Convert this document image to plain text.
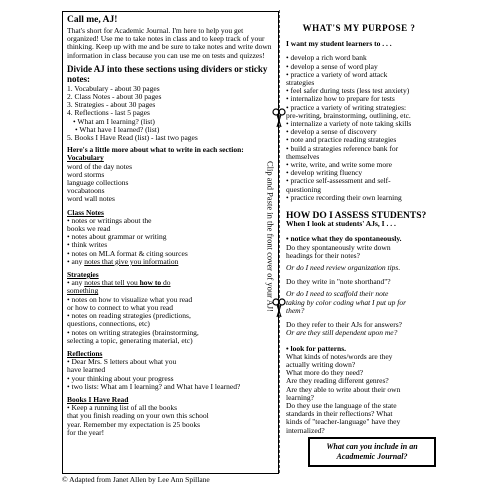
Call me, AJ!

That's short for Academic Journal. I'm here to help you get organized! Use me to take notes in class and to keep track of your thinking. Keep up with me and be sure to take notes and write down information in class because you can use me on tests and quizzes!

Divide AJ into these sections using dividers or sticky notes:
1. Vocabulary - about 30 pages
2. Class Notes - about 30 pages
3. Strategies - about 30 pages
4. Reflections - last 5 pages
• What am I learning? (list)
• What have I learned? (list)
5. Books I Have Read (list) - last two pages
Here's a little more about what to write in each section:
Vocabulary
word of the day notes
word storms
language collections
vocabatoons
word wall notes
Class Notes
• notes or writings about the
books we read
• notes about grammar or writing
• think writes
• notes on MLA format & citing sources
• any notes that give you information
Strategies
• any notes that tell you how to do
something
• notes on how to visualize what you read
or how to connect to what you read
• notes on reading strategies (predictions,
questions, connections, etc)
• notes on writing strategies (brainstorming,
selecting a topic, generating material, etc)
Reflections
• Dear Mrs. S letters about what you
have learned
• your thinking about your progress
• two lists: What am I learning? and What have I learned?
Books I Have Read
• Keep a running list of all the books
that you finish reading on your own this school
year. Remember my expectation is 25 books
for the year!
Clip and Paste in the front cover of your AJ!
WHAT'S MY PURPOSE ?
I want my student learners to . . .
• develop a rich word bank
• develop a sense of word play
• practice a variety of word attack
strategies
• feel safer during tests (less test anxiety)
• internalize how to prepare for tests
• practice a variety of writing strategies:
pre-writing, brainstorming, outlining, etc.
• internalize a variety of note taking skills
• develop a sense of discovery
• note and practice reading strategies
• build a strategies reference bank for
themselves
• write, write, and write some more
• develop writing fluency
• practice self-assessment and self-
questioning
• practice recording their own learning
HOW DO I ASSESS STUDENTS?
When I look at students' AJs, I . . .
• notice what they do spontaneously.
Do they spontaneously write down
headings for their notes?
Or do I need review organization tips.
Do they write in "note shorthand"?
Or do I need to scaffold their note
taking by color coding what I put up for
them?
Do they refer to their AJs for answers?
Or are they still dependent upon me?
• look for patterns.
What kinds of notes/words are they
actually writing down?
What more do they need?
Are they reading different genres?
Are they able to write about their own
learning?
Do they use the language of the state
standards in their reflections? What
kinds of "teacher-language" have they
internalized?
What can you include in an Acadmemic Journal?
© Adapted from Janet Allen by Lee Ann Spillane
